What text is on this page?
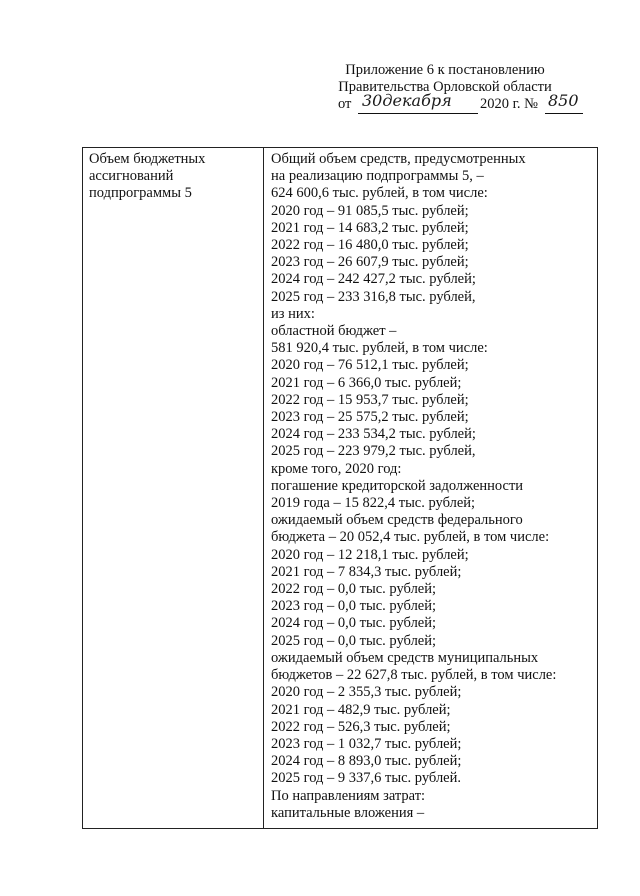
Приложение 6 к постановлению
Правительства Орловской области
от 30декабря 2020 г. № 850
Объем бюджетных
ассигнований
подпрограммы 5
Общий объем средств, предусмотренных
на реализацию подпрограммы 5, –
624 600,6 тыс. рублей, в том числе:
2020 год – 91 085,5 тыс. рублей;
2021 год – 14 683,2 тыс. рублей;
2022 год – 16 480,0 тыс. рублей;
2023 год – 26 607,9 тыс. рублей;
2024 год – 242 427,2 тыс. рублей;
2025 год – 233 316,8 тыс. рублей,
из них:
областной бюджет –
581 920,4 тыс. рублей, в том числе:
2020 год – 76 512,1 тыс. рублей;
2021 год – 6 366,0 тыс. рублей;
2022 год – 15 953,7 тыс. рублей;
2023 год – 25 575,2 тыс. рублей;
2024 год – 233 534,2 тыс. рублей;
2025 год – 223 979,2 тыс. рублей,
кроме того, 2020 год:
погашение кредиторской задолженности
2019 года – 15 822,4 тыс. рублей;
ожидаемый объем средств федерального
бюджета – 20 052,4 тыс. рублей, в том числе:
2020 год – 12 218,1 тыс. рублей;
2021 год – 7 834,3 тыс. рублей;
2022 год – 0,0 тыс. рублей;
2023 год – 0,0 тыс. рублей;
2024 год – 0,0 тыс. рублей;
2025 год – 0,0 тыс. рублей;
ожидаемый объем средств муниципальных
бюджетов – 22 627,8 тыс. рублей, в том числе:
2020 год – 2 355,3 тыс. рублей;
2021 год – 482,9 тыс. рублей;
2022 год – 526,3 тыс. рублей;
2023 год – 1 032,7 тыс. рублей;
2024 год – 8 893,0 тыс. рублей;
2025 год – 9 337,6 тыс. рублей.
По направлениям затрат:
капитальные вложения –
